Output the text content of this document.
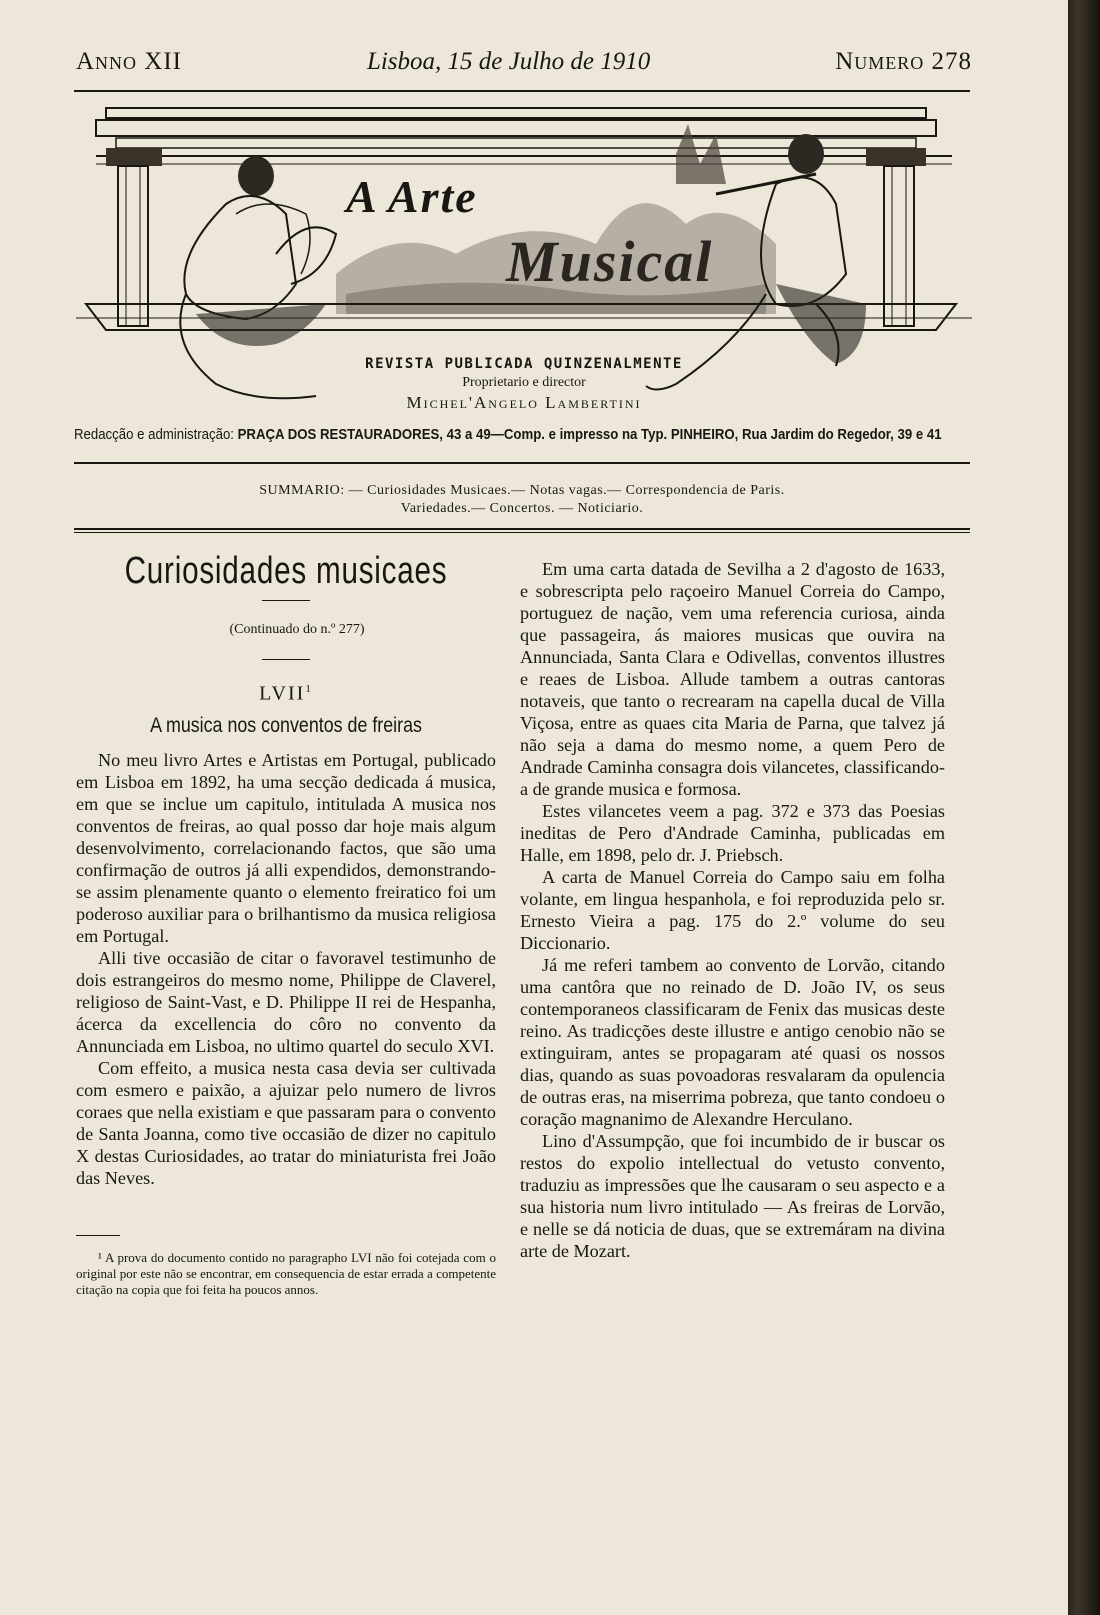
Anno XII	Lisboa, 15 de Julho de 1910	Numero 278
A Arte
Musical
REVISTA PUBLICADA QUINZENALMENTE
Proprietario e director
Michel'Angelo Lambertini
Redacção e administração: PRAÇA DOS RESTAURADORES, 43 a 49—Comp. e impresso na Typ. PINHEIRO, Rua Jardim do Regedor, 39 e 41
SUMMARIO: — Curiosidades Musicaes.— Notas vagas.— Correspondencia de Paris.
Variedades.— Concertos. — Noticiario.
Curiosidades musicaes

(Continuado do n.º 277)

LVII$^1$
A musica nos conventos de freiras

No meu livro Artes e Artistas em Portugal, publicado em Lisboa em 1892, ha uma secção dedicada á musica, em que se inclue um capitulo, intitulada A musica nos conventos de freiras, ao qual posso dar hoje mais algum desenvolvimento, correlacionando factos, que são uma confirmação de outros já alli expendidos, demonstrando-se assim plenamente quanto o elemento freiratico foi um poderoso auxiliar para o brilhantismo da musica religiosa em Portugal.

Alli tive occasião de citar o favoravel testimunho de dois estrangeiros do mesmo nome, Philippe de Claverel, religioso de Saint-Vast, e D. Philippe II rei de Hespanha, ácerca da excellencia do côro no convento da Annunciada em Lisboa, no ultimo quartel do seculo XVI.

Com effeito, a musica nesta casa devia ser cultivada com esmero e paixão, a ajuizar pelo numero de livros coraes que nella existiam e que passaram para o convento de Santa Joanna, como tive occasião de dizer no capitulo X destas Curiosidades, ao tratar do miniaturista frei João das Neves.

¹ A prova do documento contido no paragrapho LVI não foi cotejada com o original por este não se encontrar, em consequencia de estar errada a competente citação na copia que foi feita ha poucos annos.

Em uma carta datada de Sevilha a 2 d'agosto de 1633, e sobrescripta pelo raçoeiro Manuel Correia do Campo, portuguez de nação, vem uma referencia curiosa, ainda que passageira, ás maiores musicas que ouvira na Annunciada, Santa Clara e Odivellas, conventos illustres e reaes de Lisboa. Allude tambem a outras cantoras notaveis, que tanto o recrearam na capella ducal de Villa Viçosa, entre as quaes cita Maria de Parna, que talvez já não seja a dama do mesmo nome, a quem Pero de Andrade Caminha consagra dois vilancetes, classificando-a de grande musica e formosa.

Estes vilancetes veem a pag. 372 e 373 das Poesias ineditas de Pero d'Andrade Caminha, publicadas em Halle, em 1898, pelo dr. J. Priebsch.

A carta de Manuel Correia do Campo saiu em folha volante, em lingua hespanhola, e foi reproduzida pelo sr. Ernesto Vieira a pag. 175 do 2.º volume do seu Diccionario.

Já me referi tambem ao convento de Lorvão, citando uma cantôra que no reinado de D. João IV, os seus contemporaneos classificaram de Fenix das musicas deste reino. As tradicções deste illustre e antigo cenobio não se extinguiram, antes se propagaram até quasi os nossos dias, quando as suas povoadoras resvalaram da opulencia de outras eras, na miserrima pobreza, que tanto condoeu o coração magnanimo de Alexandre Herculano.

Lino d'Assumpção, que foi incumbido de ir buscar os restos do expolio intellectual do vetusto convento, traduziu as impressões que lhe causaram o seu aspecto e a sua historia num livro intitulado — As freiras de Lorvão, e nelle se dá noticia de duas, que se extremáram na divina arte de Mozart.
